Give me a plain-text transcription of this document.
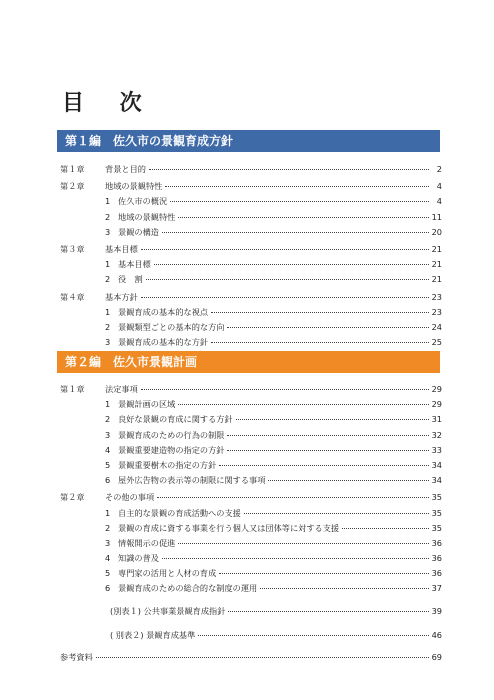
目 次
第１編　佐久市の景観育成方針
第１章	背景と目的	2
第２章	地域の景観特性	4
1 佐久市の概況	4
2 地域の景観特性	11
3 景観の構造	20
第３章	基本目標	21
1 基本目標	21
2 役　割	21
第４章	基本方針	23
1 景観育成の基本的な視点	23
2 景観類型ごとの基本的な方向	24
3 景観育成の基本的な方針	25
第２編　佐久市景観計画
第１章	法定事項	29
1 景観計画の区域	29
2 良好な景観の育成に関する方針	31
3 景観育成のための行為の制限	32
4 景観重要建造物の指定の方針	33
5 景観重要樹木の指定の方針	34
6 屋外広告物の表示等の制限に関する事項	34
第２章	その他の事項	35
1 自主的な景観の育成活動への支援	35
2 景観の育成に資する事業を行う個人又は団体等に対する支援	35
3 情報開示の促進	36
4 知識の普及	36
5 専門家の活用と人材の育成	36
6 景観育成のための総合的な制度の運用	37
(別表１) 公共事業景観育成指針	39
( 別表２) 景観育成基準	46
参考資料	69
